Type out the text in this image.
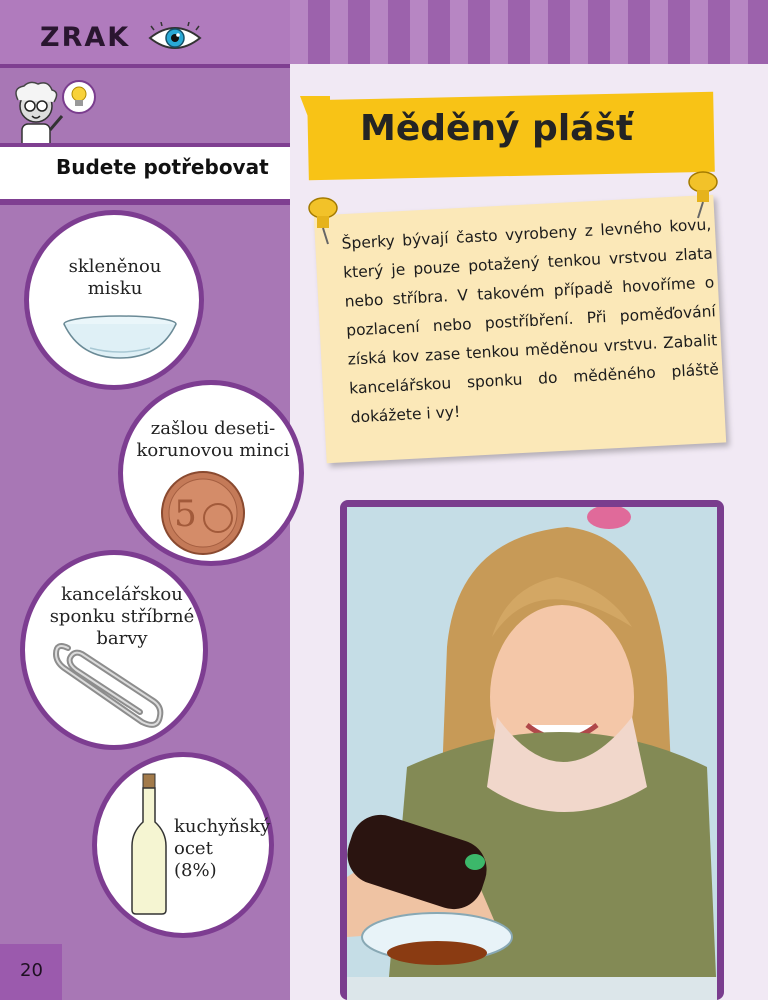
ZRAK
Budete potřebovat
skleněnou
misku
zašlou deseti-
korunovou minci
5
kancelářskou
sponku stříbrné
barvy
kuchyňský
ocet
(8%)
Měděný plášť
Šperky bývají často vyrobeny z levného kovu, který je pouze potažený tenkou vrstvou zlata nebo stříbra. V takovém případě hovoříme o pozlacení nebo postříbření. Při poměďování získá kov zase tenkou měděnou vrstvu. Zabalit kancelářskou sponku do měděného pláště dokážete i vy!
20
